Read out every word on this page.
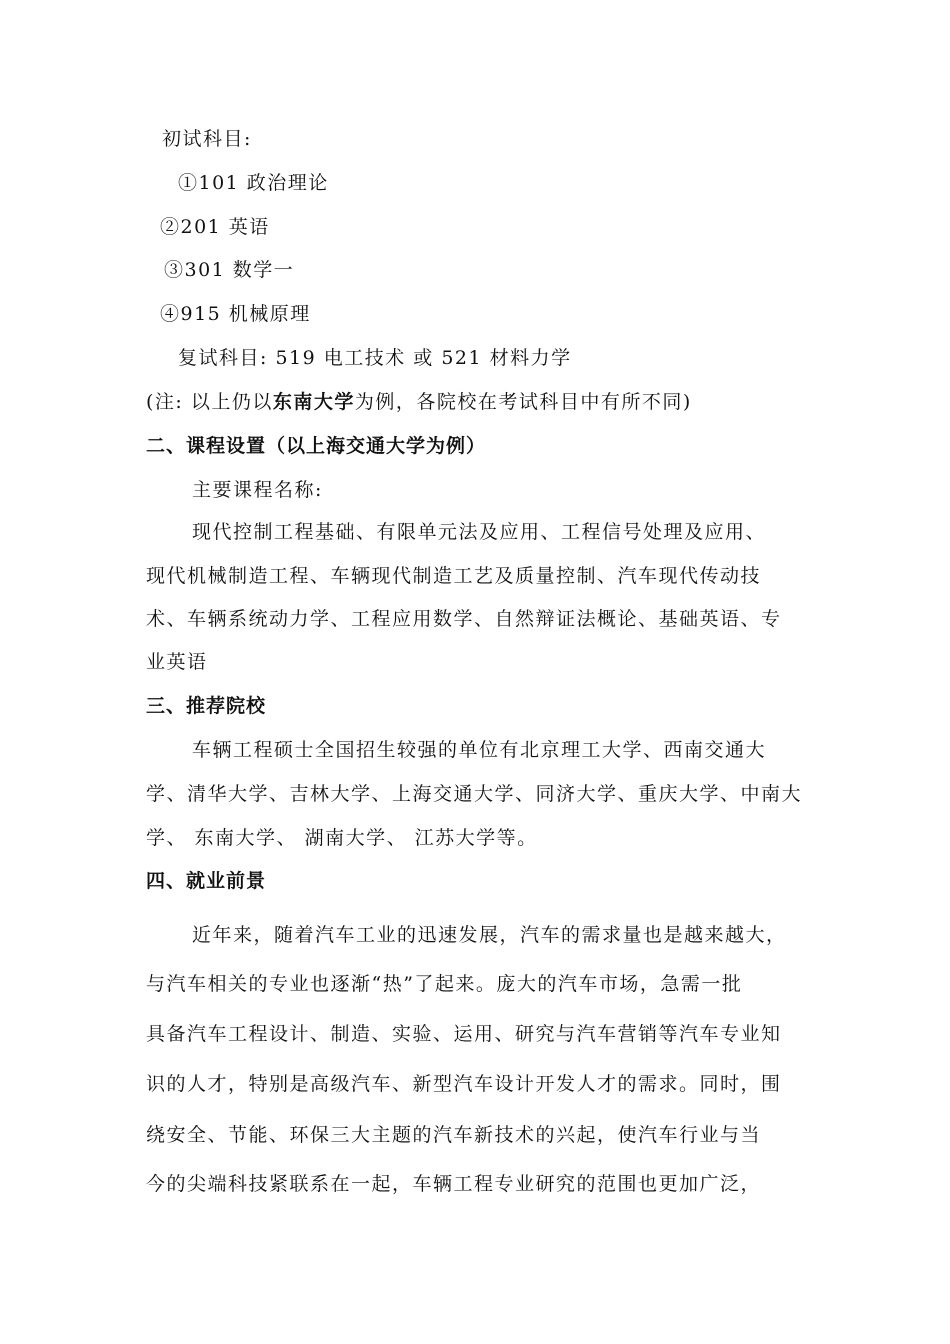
初试科目:
①101 政治理论
②201 英语
③301 数学一
④915 机械原理
复试科目: 519 电工技术 或 521 材料力学
(注: 以上仍以东南大学为例，各院校在考试科目中有所不同)
二、课程设置（以上海交通大学为例）
主要课程名称:
现代控制工程基础、有限单元法及应用、工程信号处理及应用、
现代机械制造工程、车辆现代制造工艺及质量控制、汽车现代传动技
术、车辆系统动力学、工程应用数学、自然辩证法概论、基础英语、专
业英语
三、推荐院校
车辆工程硕士全国招生较强的单位有北京理工大学、西南交通大
学、清华大学、吉林大学、上海交通大学、同济大学、重庆大学、中南大
学、 东南大学、 湖南大学、 江苏大学等。
四、就业前景
近年来，随着汽车工业的迅速发展，汽车的需求量也是越来越大，
与汽车相关的专业也逐渐“热”了起来。庞大的汽车市场，急需一批
具备汽车工程设计、制造、实验、运用、研究与汽车营销等汽车专业知
识的人才，特别是高级汽车、新型汽车设计开发人才的需求。同时，围
绕安全、节能、环保三大主题的汽车新技术的兴起，使汽车行业与当
今的尖端科技紧联系在一起，车辆工程专业研究的范围也更加广泛，
